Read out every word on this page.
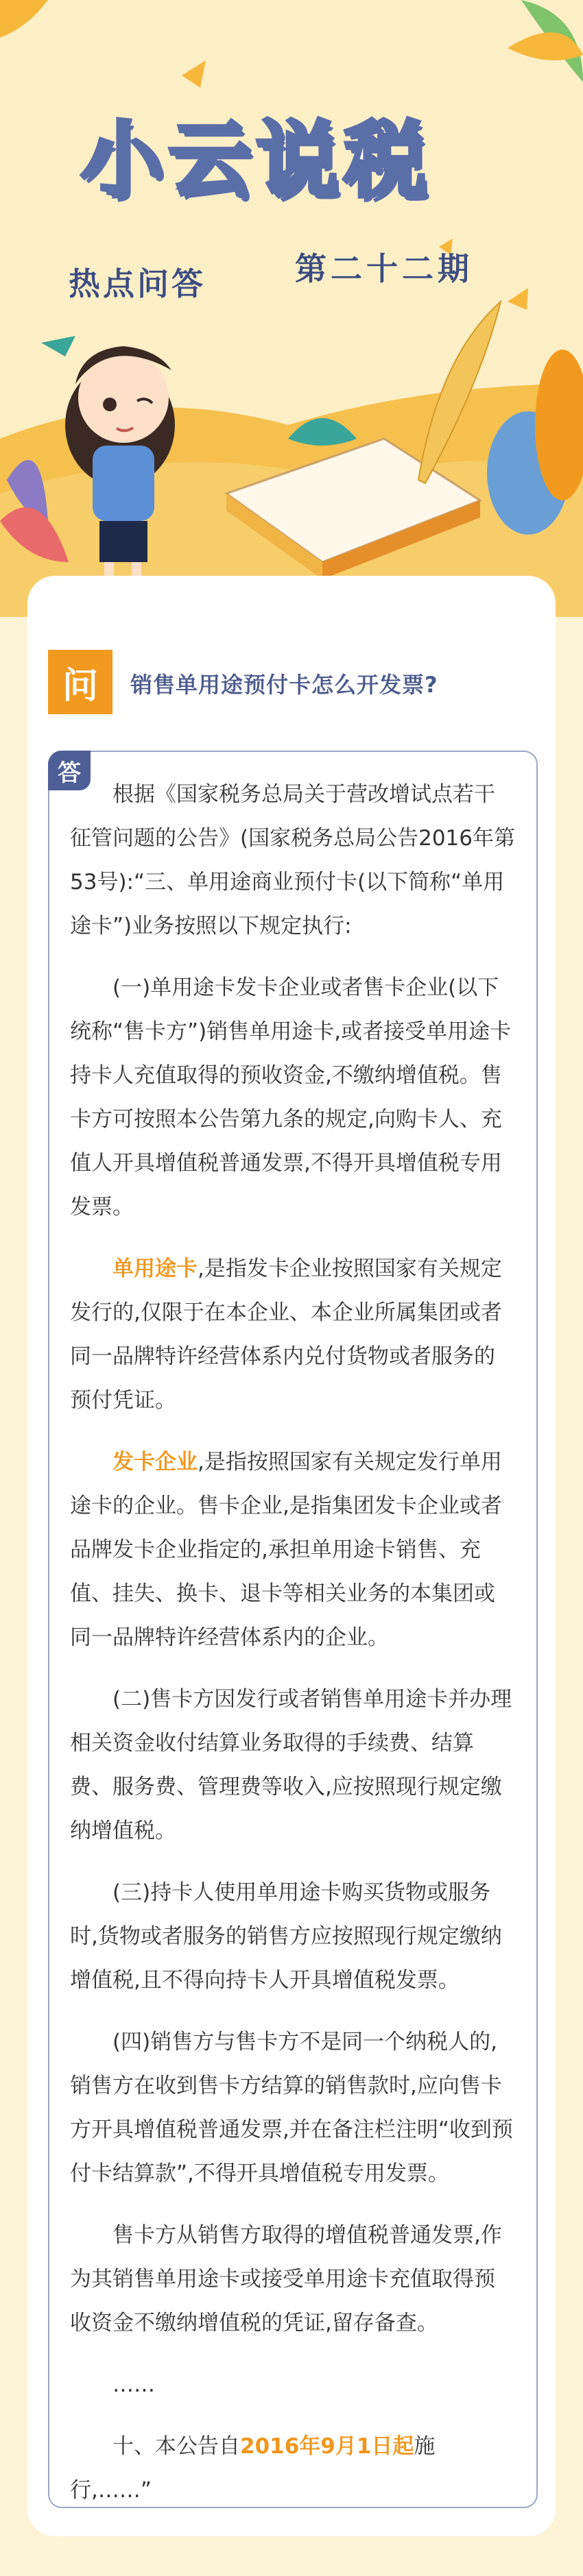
小云说税
热点问答	第二十二期
问	销售单用途预付卡怎么开发票?
答

根据《国家税务总局关于营改增试点若干征管问题的公告》(国家税务总局公告2016年第53号):“三、单用途商业预付卡(以下简称“单用途卡”)业务按照以下规定执行:

(一)单用途卡发卡企业或者售卡企业(以下统称“售卡方”)销售单用途卡,或者接受单用途卡持卡人充值取得的预收资金,不缴纳增值税。售卡方可按照本公告第九条的规定,向购卡人、充值人开具增值税普通发票,不得开具增值税专用发票。

单用途卡,是指发卡企业按照国家有关规定发行的,仅限于在本企业、本企业所属集团或者同一品牌特许经营体系内兑付货物或者服务的预付凭证。

发卡企业,是指按照国家有关规定发行单用途卡的企业。售卡企业,是指集团发卡企业或者品牌发卡企业指定的,承担单用途卡销售、充值、挂失、换卡、退卡等相关业务的本集团或同一品牌特许经营体系内的企业。

(二)售卡方因发行或者销售单用途卡并办理相关资金收付结算业务取得的手续费、结算费、服务费、管理费等收入,应按照现行规定缴纳增值税。

(三)持卡人使用单用途卡购买货物或服务时,货物或者服务的销售方应按照现行规定缴纳增值税,且不得向持卡人开具增值税发票。

(四)销售方与售卡方不是同一个纳税人的,销售方在收到售卡方结算的销售款时,应向售卡方开具增值税普通发票,并在备注栏注明“收到预付卡结算款”,不得开具增值税专用发票。

售卡方从销售方取得的增值税普通发票,作为其销售单用途卡或接受单用途卡充值取得预收资金不缴纳增值税的凭证,留存备查。

……

十、本公告自2016年9月1日起施行,……”
